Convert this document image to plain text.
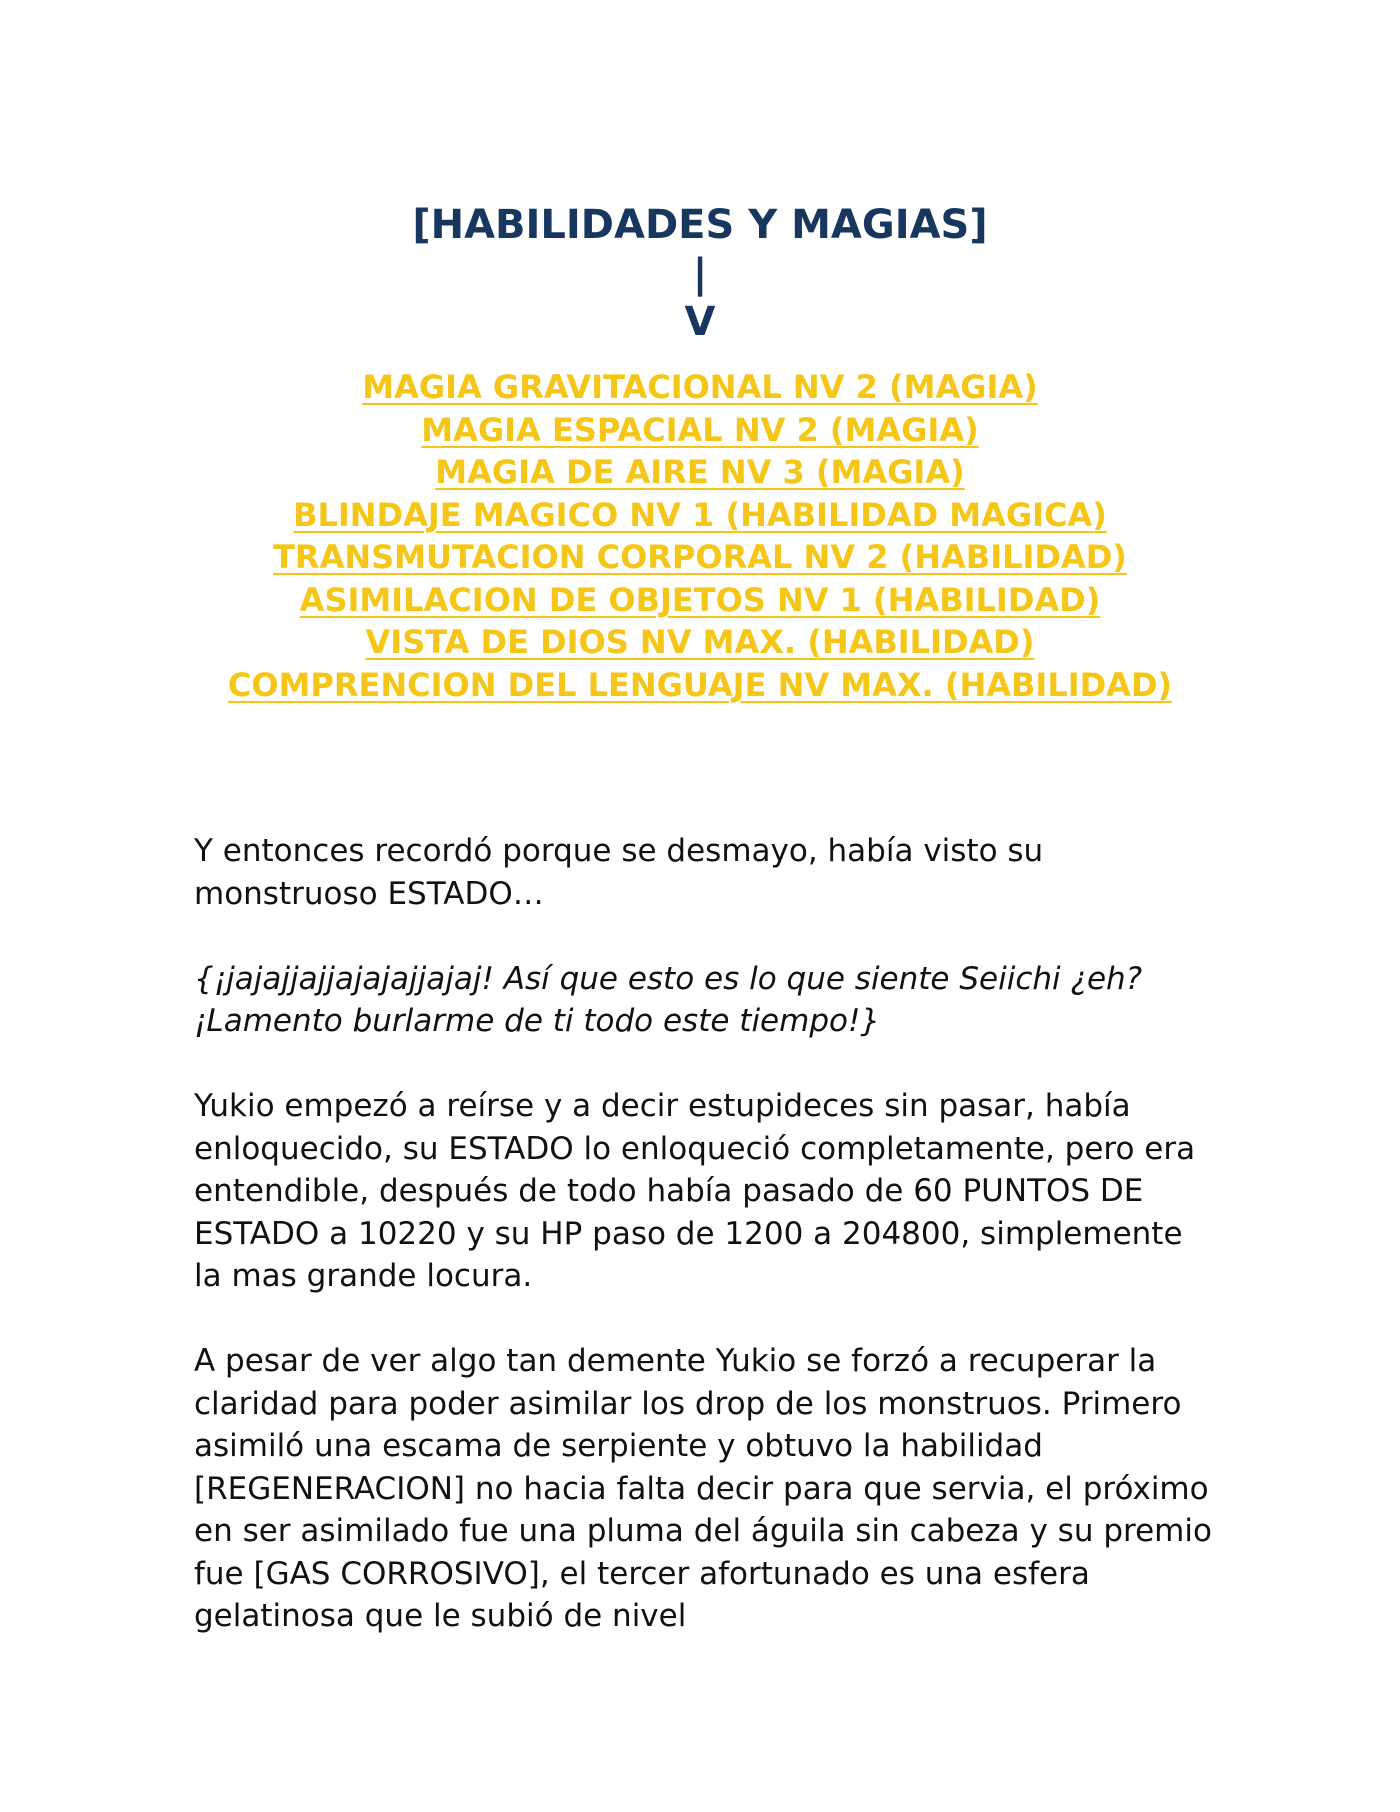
[HABILIDADES Y MAGIAS]
|
V
MAGIA GRAVITACIONAL NV 2 (MAGIA)
MAGIA ESPACIAL NV 2 (MAGIA)
MAGIA DE AIRE NV 3 (MAGIA)
BLINDAJE MAGICO NV 1 (HABILIDAD MAGICA)
TRANSMUTACION CORPORAL NV 2 (HABILIDAD)
ASIMILACION DE OBJETOS NV 1 (HABILIDAD)
VISTA DE DIOS NV MAX. (HABILIDAD)
COMPRENCION DEL LENGUAJE NV MAX. (HABILIDAD)

Y entonces recordó porque se desmayo, había visto su monstruoso ESTADO…

{¡jajajjajjajajajjajaj! Así que esto es lo que siente Seiichi ¿eh? ¡Lamento burlarme de ti todo este tiempo!}

Yukio empezó a reírse y a decir estupideces sin pasar, había enloquecido, su ESTADO lo enloqueció completamente, pero era entendible, después de todo había pasado de 60 PUNTOS DE ESTADO a 10220 y su HP paso de 1200 a 204800, simplemente la mas grande locura.

A pesar de ver algo tan demente Yukio se forzó a recuperar la claridad para poder asimilar los drop de los monstruos. Primero asimiló una escama de serpiente y obtuvo la habilidad [REGENERACION] no hacia falta decir para que servia, el próximo en ser asimilado fue una pluma del águila sin cabeza y su premio fue [GAS CORROSIVO], el tercer afortunado es una esfera gelatinosa que le subió de nivel
